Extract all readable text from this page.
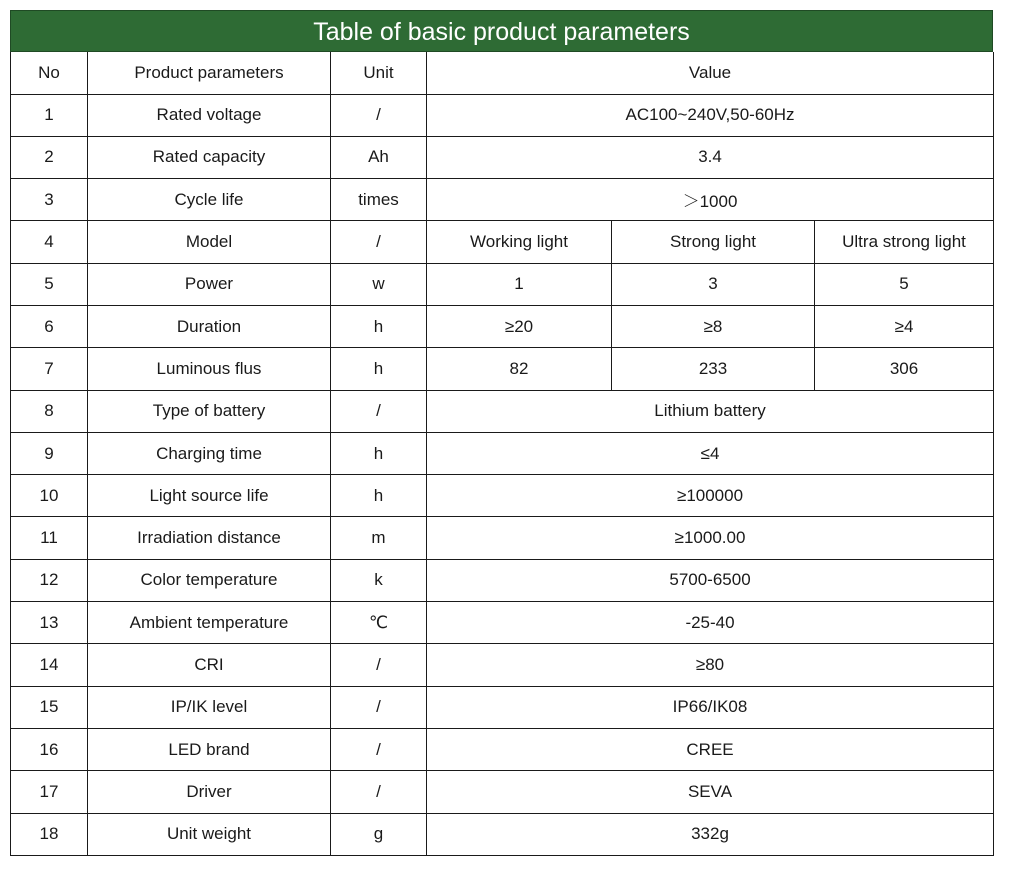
Table of basic product parameters
No	Product parameters	Unit	Value		
1	Rated voltage	/	AC100~240V,50-60Hz		
2	Rated capacity	Ah	3.4		
3	Cycle life	times	＞1000		
4	Model	/	Working light	Strong light	Ultra strong light
5	Power	w	1	3	5
6	Duration	h	≥20	≥8	≥4
7	Luminous flus	h	82	233	306
8	Type of battery	/	Lithium battery		
9	Charging time	h	≤4		
10	Light source life	h	≥100000		
11	Irradiation distance	m	≥1000.00		
12	Color temperature	k	5700-6500		
13	Ambient temperature	℃	-25-40		
14	CRI	/	≥80		
15	IP/IK level	/	IP66/IK08		
16	LED brand	/	CREE		
17	Driver	/	SEVA		
18	Unit weight	g	332g		
